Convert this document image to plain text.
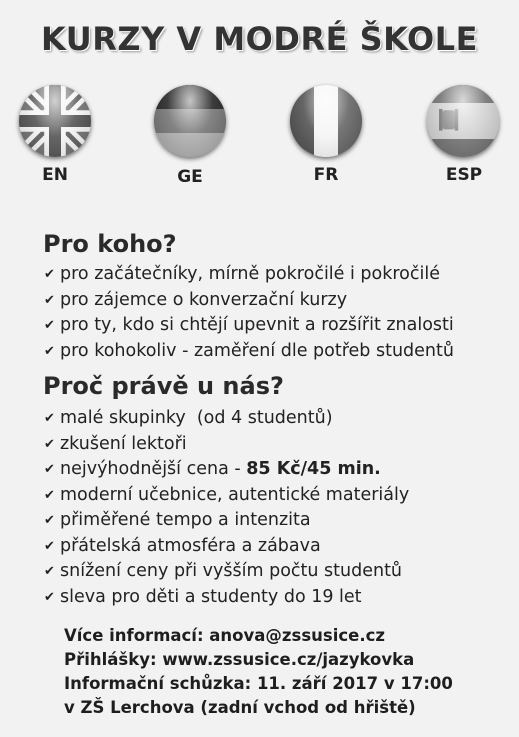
KURZY V MODRÉ ŠKOLE
EN	GE	FR	ESP
Pro koho?
✔ pro začátečníky, mírně pokročilé i pokročilé
✔ pro zájemce o konverzační kurzy
✔ pro ty, kdo si chtějí upevnit a rozšířit znalosti
✔ pro kohokoliv - zaměření dle potřeb studentů
Proč právě u nás?
✔ malé skupinky  (od 4 studentů)
✔ zkušení lektoři
✔ nejvýhodnější cena - 85 Kč/45 min.
✔ moderní učebnice, autentické materiály
✔ přiměřené tempo a intenzita
✔ přátelská atmosféra a zábava
✔ snížení ceny při vyšším počtu studentů
✔ sleva pro děti a studenty do 19 let
Více informací: anova@zssusice.cz
Přihlášky: www.zssusice.cz/jazykovka
Informační schůzka: 11. září 2017 v 17:00
v ZŠ Lerchova (zadní vchod od hřiště)
